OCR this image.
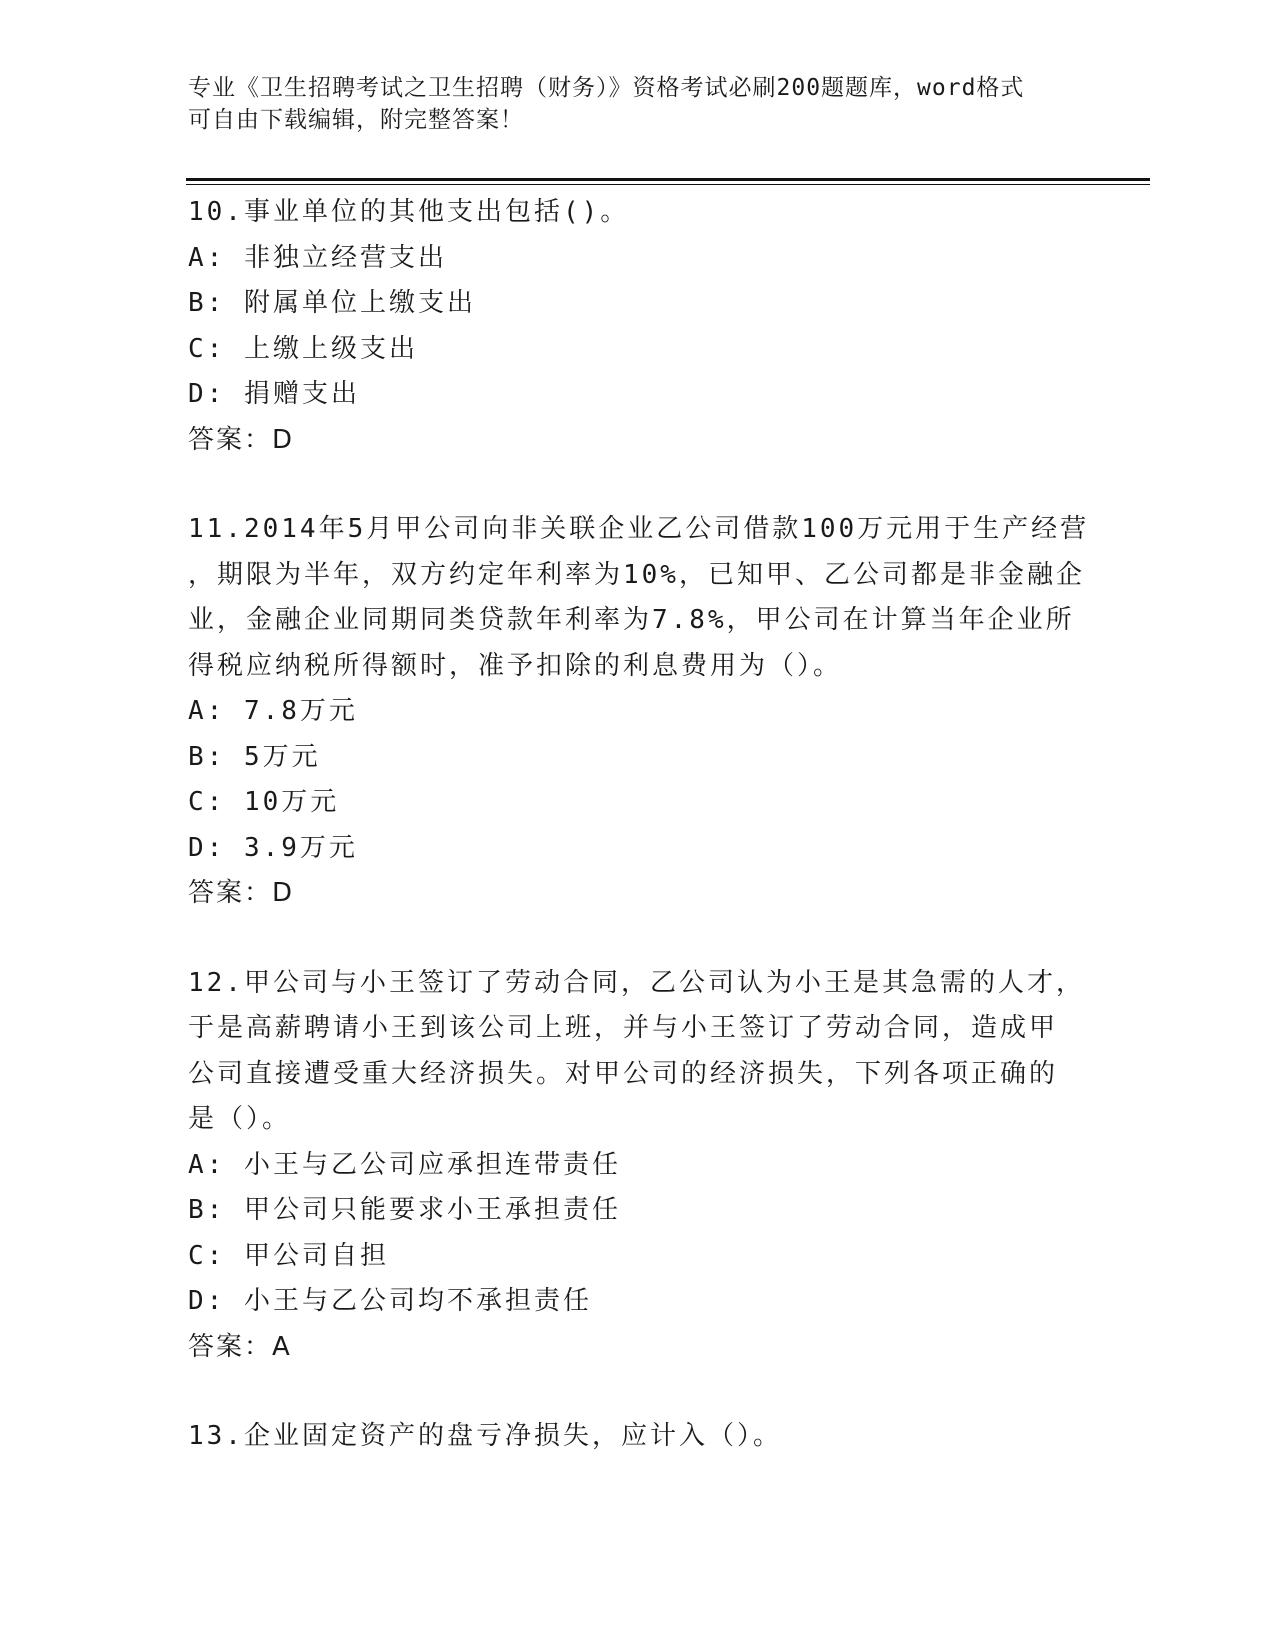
专业《卫生招聘考试之卫生招聘（财务）》资格考试必刷200题题库，word格式
可自由下载编辑，附完整答案！
10.事业单位的其他支出包括()。
A: 非独立经营支出
B: 附属单位上缴支出
C: 上缴上级支出
D: 捐赠支出
答案：D
11.2014年5月甲公司向非关联企业乙公司借款100万元用于生产经营
，期限为半年，双方约定年利率为10%，已知甲、乙公司都是非金融企
业，金融企业同期同类贷款年利率为7.8%，甲公司在计算当年企业所
得税应纳税所得额时，准予扣除的利息费用为（）。
A: 7.8万元
B: 5万元
C: 10万元
D: 3.9万元
答案：D
12.甲公司与小王签订了劳动合同，乙公司认为小王是其急需的人才，
于是高薪聘请小王到该公司上班，并与小王签订了劳动合同，造成甲
公司直接遭受重大经济损失。对甲公司的经济损失，下列各项正确的
是（）。
A: 小王与乙公司应承担连带责任
B: 甲公司只能要求小王承担责任
C: 甲公司自担
D: 小王与乙公司均不承担责任
答案：A
13.企业固定资产的盘亏净损失，应计入（）。
